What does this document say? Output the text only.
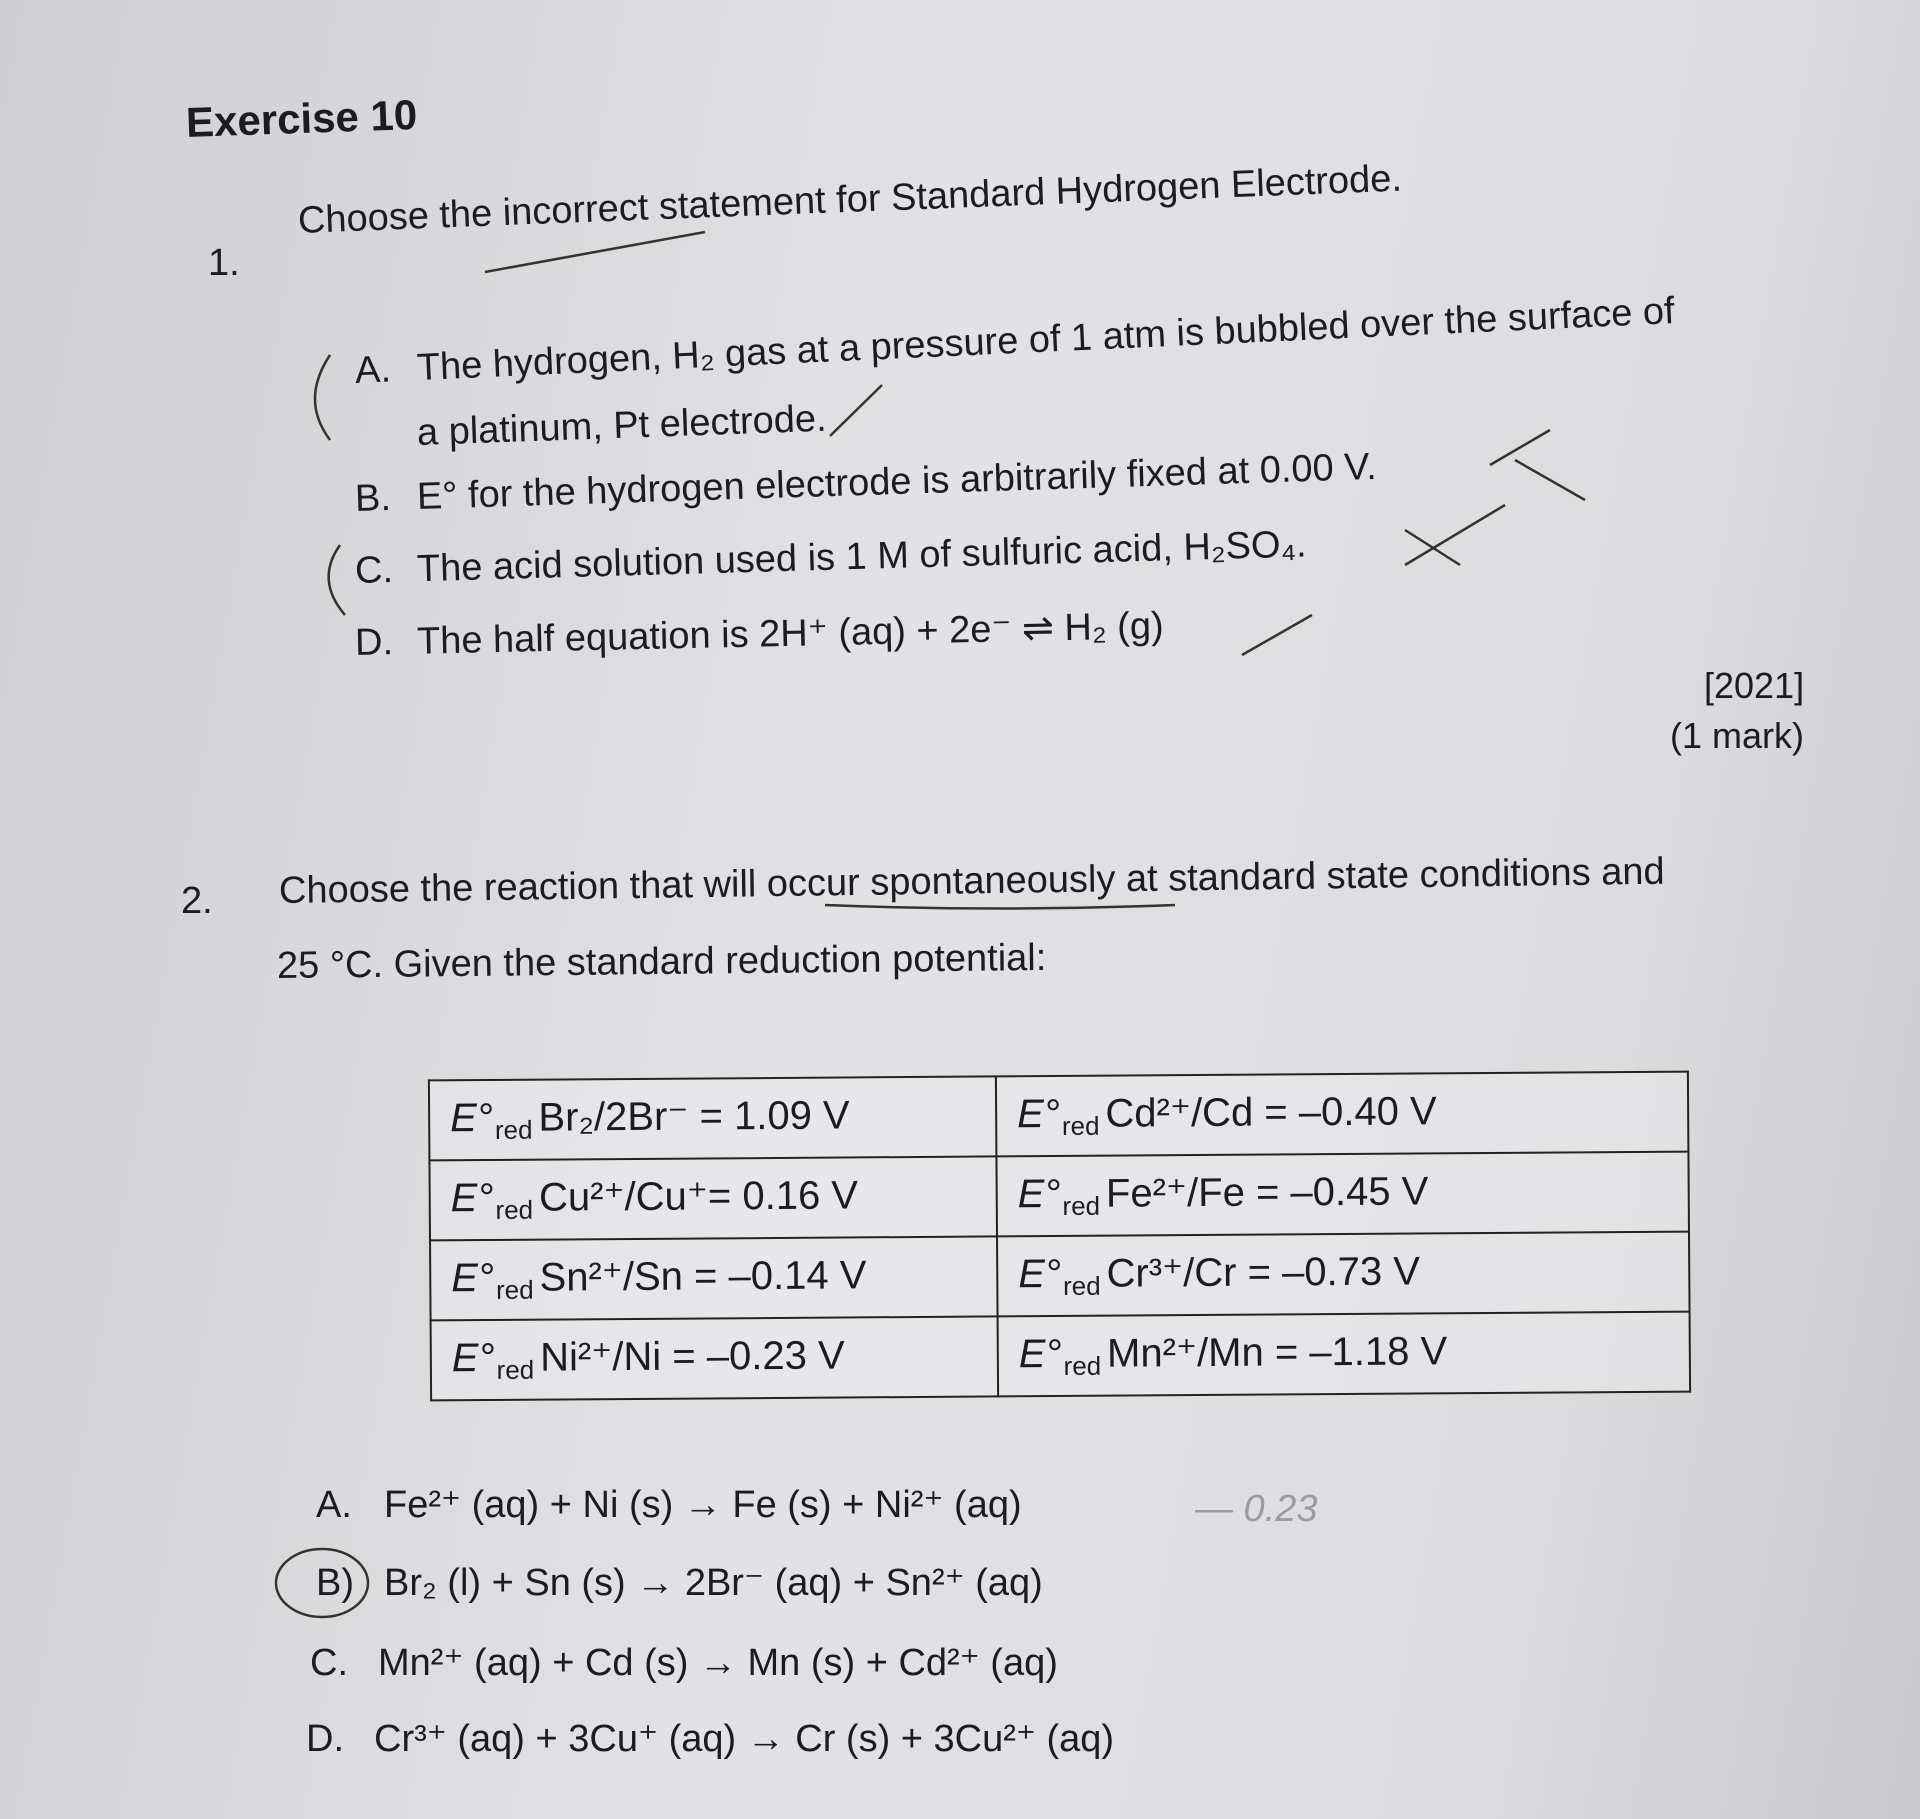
Exercise 10
1.
Choose the incorrect statement for Standard Hydrogen Electrode.
A. The hydrogen, H₂ gas at a pressure of 1 atm is bubbled over the surface of
a platinum, Pt electrode.
B. E° for the hydrogen electrode is arbitrarily fixed at 0.00 V.
C. The acid solution used is 1 M of sulfuric acid, H₂SO₄.
D. The half equation is 2H⁺ (aq) + 2e⁻ ⇌ H₂ (g)
[2021]
(1 mark)
2. Choose the reaction that will occur spontaneously at standard state conditions and
25 °C. Given the standard reduction potential:
$E^\circ_{red}$ Br₂/2Br⁻ = 1.09 V	$E^\circ_{red}$ Cd²⁺/Cd = –0.40 V
$E^\circ_{red}$ Cu²⁺/Cu⁺= 0.16 V	$E^\circ_{red}$ Fe²⁺/Fe = –0.45 V
$E^\circ_{red}$ Sn²⁺/Sn = –0.14 V	$E^\circ_{red}$ Cr³⁺/Cr = –0.73 V
$E^\circ_{red}$ Ni²⁺/Ni = –0.23 V	$E^\circ_{red}$ Mn²⁺/Mn = –1.18 V
A. Fe²⁺ (aq) + Ni (s) → Fe (s) + Ni²⁺ (aq)
B) Br₂ (l) + Sn (s) → 2Br⁻ (aq) + Sn²⁺ (aq)
C. Mn²⁺ (aq) + Cd (s) → Mn (s) + Cd²⁺ (aq)
D. Cr³⁺ (aq) + 3Cu⁺ (aq) → Cr (s) + 3Cu²⁺ (aq)
— 0.23
